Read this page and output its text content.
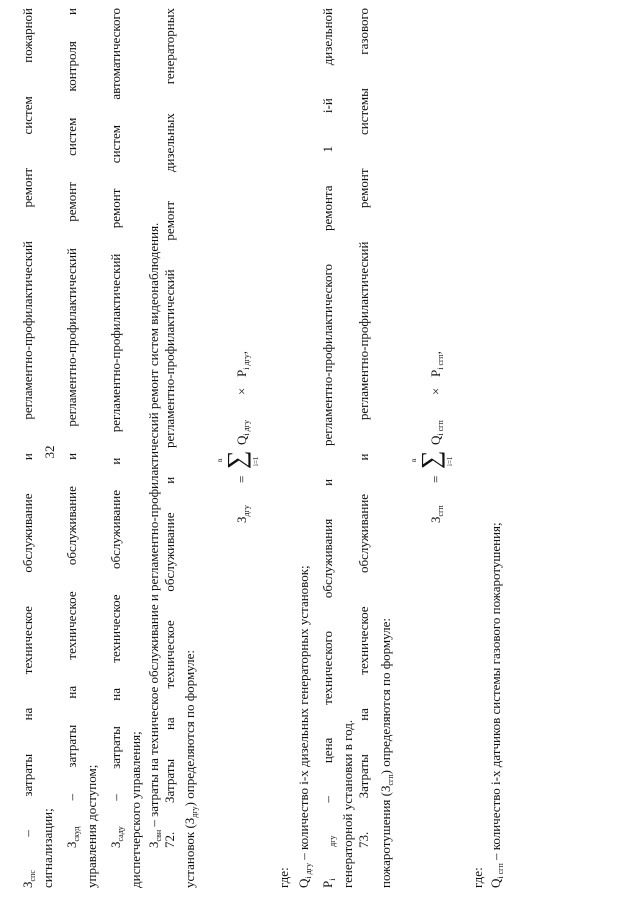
32
$З_{спс}$ – затраты на техническое обслуживание и регламентно-профилактический ремонт систем пожарной
сигнализации; $З_{скуд}$ – затраты на техническое обслуживание и регламентно-профилактический ремонт систем контроля и
управления доступом; $З_{саду}$ – затраты на техническое обслуживание и регламентно-профилактический ремонт систем автоматического
диспетчерского управления; $З_{свн}$ – затраты на техническое обслуживание и регламентно-профилактический ремонт систем видеонаблюдения. 72. Затраты на техническое обслуживание и регламентно-профилактический ремонт дизельных генераторных
установок $(З_{дгу})$ определяются по формуле:
$З_{дгу}$
=
n
∑ i=1
$Q_{i дгу}$
×
$P_{i дгу}$,
где: $Q_{i дгу}$ – количество i-х дизельных генераторных установок;
$P_{i дгу}$ – цена технического обслуживания и регламентно-профилактического ремонта 1 i-й дизельной
генераторной установки в год. 73. Затраты на техническое обслуживание и регламентно-профилактический ремонт системы газового пожаротушения $(З_{сгп})$ определяются по формуле:
$З_{сгп}$
=
n
∑ i=1
$Q_{i сгп}$
×
$P_{i сгп}$,
где: $Q_{i сгп}$ – количество i-х датчиков системы газового пожаротушения;
